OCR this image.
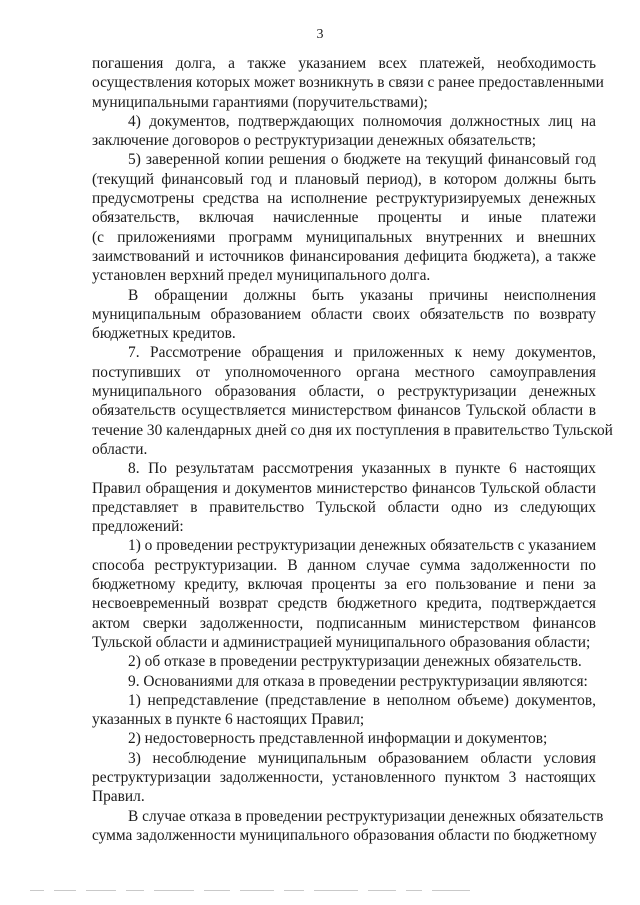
3
погашения долга, а также указанием всех платежей, необходимость
осуществления которых может возникнуть в связи с ранее предоставленными
муниципальными гарантиями (поручительствами);
4) документов, подтверждающих полномочия должностных лиц на
заключение договоров о реструктуризации денежных обязательств;
5) заверенной копии решения о бюджете на текущий финансовый год
(текущий финансовый год и плановый период), в котором должны быть
предусмотрены средства на исполнение реструктуризируемых денежных
обязательств, включая начисленные проценты и иные платежи
(с приложениями программ муниципальных внутренних и внешних
заимствований и источников финансирования дефицита бюджета), а также
установлен верхний предел муниципального долга.
В обращении должны быть указаны причины неисполнения
муниципальным образованием области своих обязательств по возврату
бюджетных кредитов.
7. Рассмотрение обращения и приложенных к нему документов,
поступивших от уполномоченного органа местного самоуправления
муниципального образования области, о реструктуризации денежных
обязательств осуществляется министерством финансов Тульской области в
течение 30 календарных дней со дня их поступления в правительство Тульской
области.
8. По результатам рассмотрения указанных в пункте 6 настоящих
Правил обращения и документов министерство финансов Тульской области
представляет в правительство Тульской области одно из следующих
предложений:
1) о проведении реструктуризации денежных обязательств с указанием
способа реструктуризации. В данном случае сумма задолженности по
бюджетному кредиту, включая проценты за его пользование и пени за
несвоевременный возврат средств бюджетного кредита, подтверждается
актом сверки задолженности, подписанным министерством финансов
Тульской области и администрацией муниципального образования области;
2) об отказе в проведении реструктуризации денежных обязательств.
9. Основаниями для отказа в проведении реструктуризации являются:
1) непредставление (представление в неполном объеме) документов,
указанных в пункте 6 настоящих Правил;
2) недостоверность представленной информации и документов;
3) несоблюдение муниципальным образованием области условия
реструктуризации задолженности, установленного пунктом 3 настоящих
Правил.
В случае отказа в проведении реструктуризации денежных обязательств
сумма задолженности муниципального образования области по бюджетному
